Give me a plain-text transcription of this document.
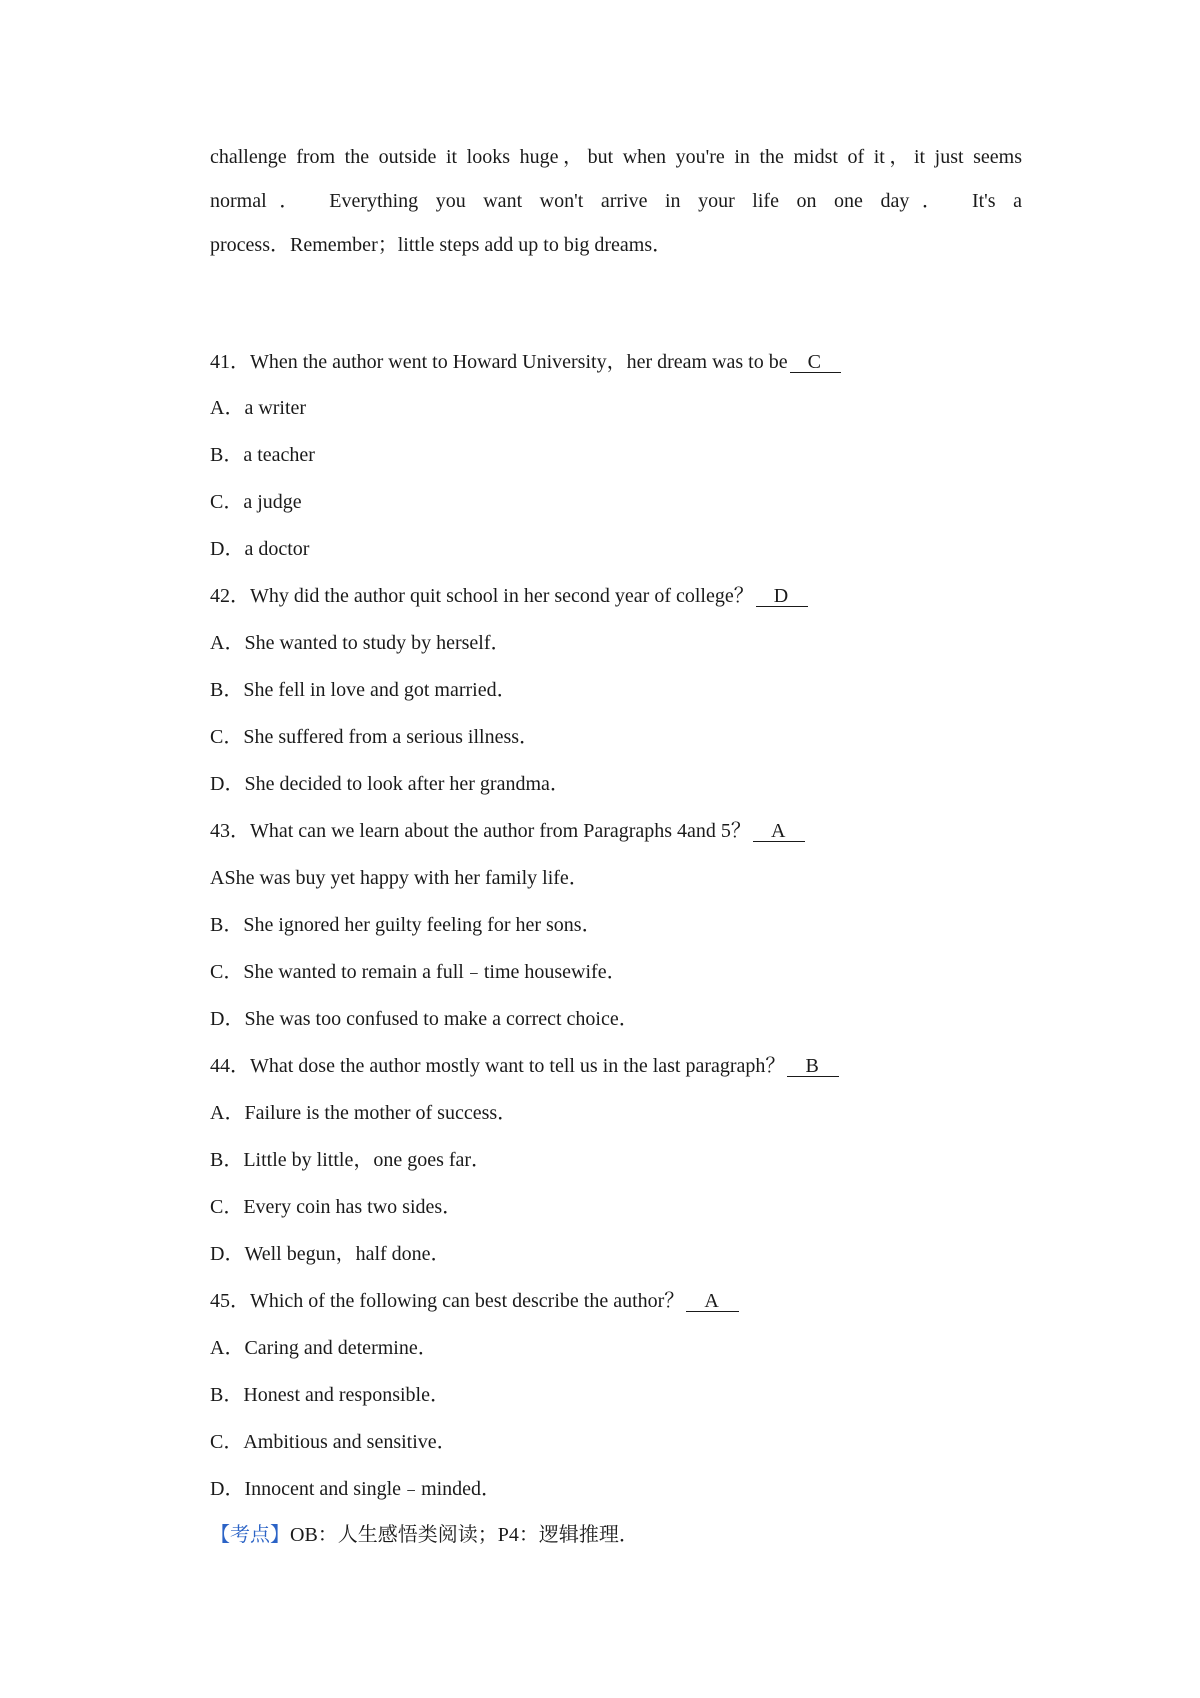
challenge from the outside it looks huge，but when you're in the midst of it，it just seems
normal． Everything you want won't arrive in your life on one day． It's a
process．Remember；little steps add up to big dreams．
41．When the author went to Howard University，her dream was to be C
A．a writer
B．a teacher
C．a judge
D．a doctor
42．Why did the author quit school in her second year of college？ D
A．She wanted to study by herself．
B．She fell in love and got married．
C．She suffered from a serious illness．
D．She decided to look after her grandma．
43．What can we learn about the author from Paragraphs 4and 5？ A
AShe was buy yet happy with her family life．
B．She ignored her guilty feeling for her sons．
C．She wanted to remain a full﹣time housewife．
D．She was too confused to make a correct choice．
44．What dose the author mostly want to tell us in the last paragraph？ B
A．Failure is the mother of success．
B．Little by little，one goes far．
C．Every coin has two sides．
D．Well begun，half done．
45．Which of the following can best describe the author？ A
A．Caring and determine．
B．Honest and responsible．
C．Ambitious and sensitive．
D．Innocent and single﹣minded．
【考点】OB：人生感悟类阅读；P4：逻辑推理．
